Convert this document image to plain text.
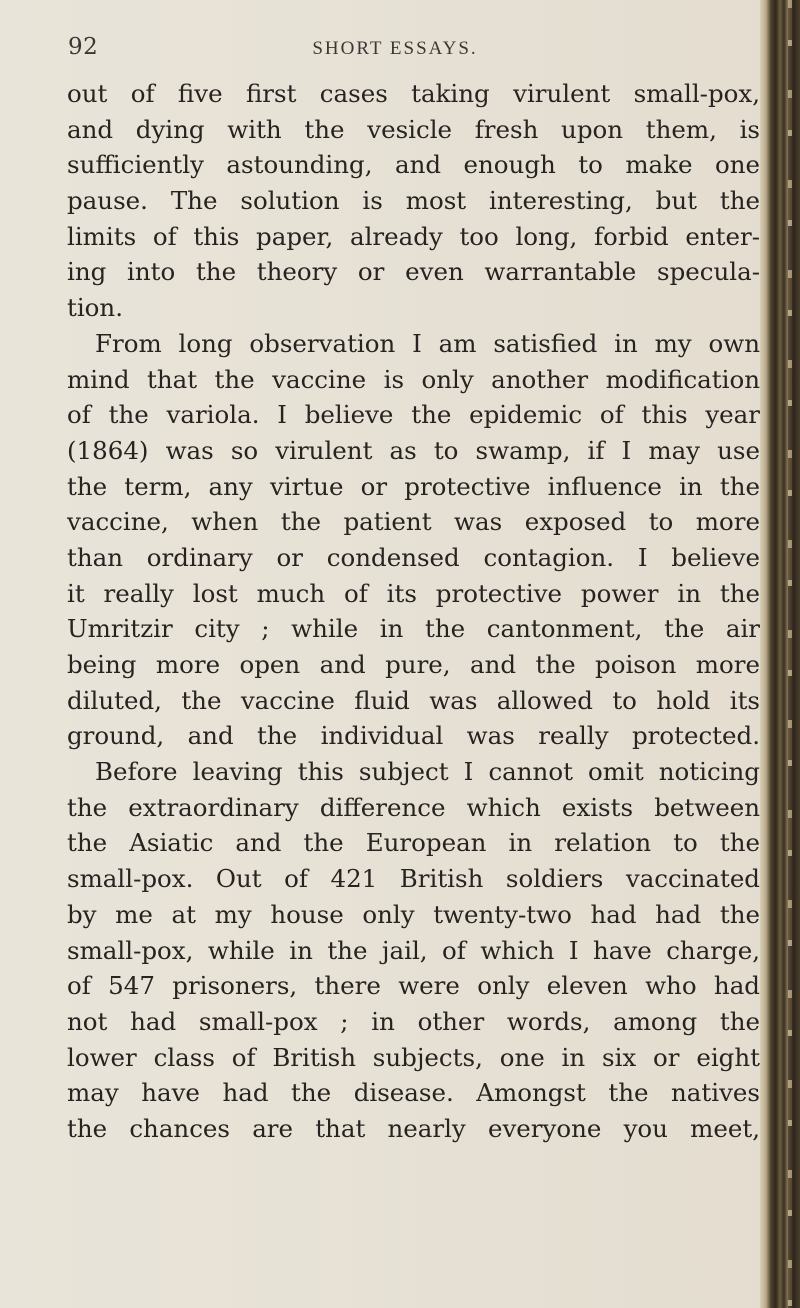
92	SHORT ESSAYS.
out of five first cases taking virulent small-pox,
and dying with the vesicle fresh upon them, is
sufficiently astounding, and enough to make one
pause. The solution is most interesting, but the
limits of this paper, already too long, forbid enter-
ing into the theory or even warrantable specula-
tion.
From long observation I am satisfied in my own
mind that the vaccine is only another modification
of the variola. I believe the epidemic of this year
(1864) was so virulent as to swamp, if I may use
the term, any virtue or protective influence in the
vaccine, when the patient was exposed to more
than ordinary or condensed contagion. I believe
it really lost much of its protective power in the
Umritzir city ; while in the cantonment, the air
being more open and pure, and the poison more
diluted, the vaccine fluid was allowed to hold its
ground, and the individual was really protected.
Before leaving this subject I cannot omit noticing
the extraordinary difference which exists between
the Asiatic and the European in relation to the
small-pox. Out of 421 British soldiers vaccinated
by me at my house only twenty-two had had the
small-pox, while in the jail, of which I have charge,
of 547 prisoners, there were only eleven who had
not had small-pox ; in other words, among the
lower class of British subjects, one in six or eight
may have had the disease. Amongst the natives
the chances are that nearly everyone you meet,
